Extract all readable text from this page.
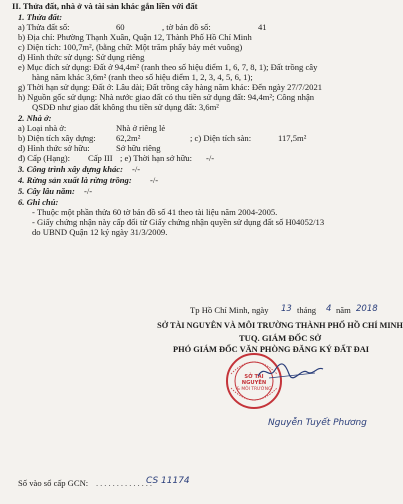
II. Thửa đất, nhà ở và tài sản khác gắn liền với đất
1. Thửa đất:
a) Thửa đất số:	60	, tờ bản đồ số:	41
b) Địa chỉ: Phường Thạnh Xuân, Quận 12, Thành Phố Hồ Chí Minh
c) Diện tích: 100,7m², (bằng chữ: Một trăm phẩy bảy mét vuông)
d) Hình thức sử dụng: Sử dụng riêng
e) Mục đích sử dụng: Đất ở 94,4m² (ranh theo số hiệu điểm 1, 6, 7, 8, 1); Đất trồng cây
hàng năm khác 3,6m² (ranh theo số hiệu điểm 1, 2, 3, 4, 5, 6, 1);
g) Thời hạn sử dụng: Đất ở: Lâu dài; Đất trồng cây hàng năm khác: Đến ngày 27/7/2021
h) Nguồn gốc sử dụng: Nhà nước giao đất có thu tiền sử dụng đất: 94,4m²; Công nhận
QSDĐ như giao đất không thu tiền sử dụng đất: 3,6m²
2. Nhà ở:
a) Loại nhà ở:	Nhà ở riêng lẻ
b) Diện tích xây dựng: 62,2m²	; c) Diện tích sàn:	117,5m²
d) Hình thức sở hữu:	Sở hữu riêng
đ) Cấp (Hạng): Cấp III ; e) Thời hạn sở hữu: -/-
3. Công trình xây dựng khác: -/-
4. Rừng sản xuất là rừng trồng: -/-
5. Cây lâu năm: -/-
6. Ghi chú:
- Thuộc một phần thửa 60 tờ bản đồ số 41 theo tài liệu năm 2004-2005.
- Giấy chứng nhận này cấp đổi từ Giấy chứng nhận quyền sử dụng đất số H04052/13
do UBND Quận 12 ký ngày 31/3/2009.
Tp Hồ Chí Minh, ngày 13 tháng 4 năm 2018
SỞ TÀI NGUYÊN VÀ MÔI TRƯỜNG THÀNH PHỐ HỒ CHÍ MINH
TUQ. GIÁM ĐỐC SỞ
PHÓ GIÁM ĐỐC VĂN PHÒNG ĐĂNG KÝ ĐẤT ĐAI
SỞ TÀI
NGUYÊN
& MÔI TRƯỜNG
Nguyễn Tuyết Phương
Số vào sổ cấp GCN: ..............
CS 11174
